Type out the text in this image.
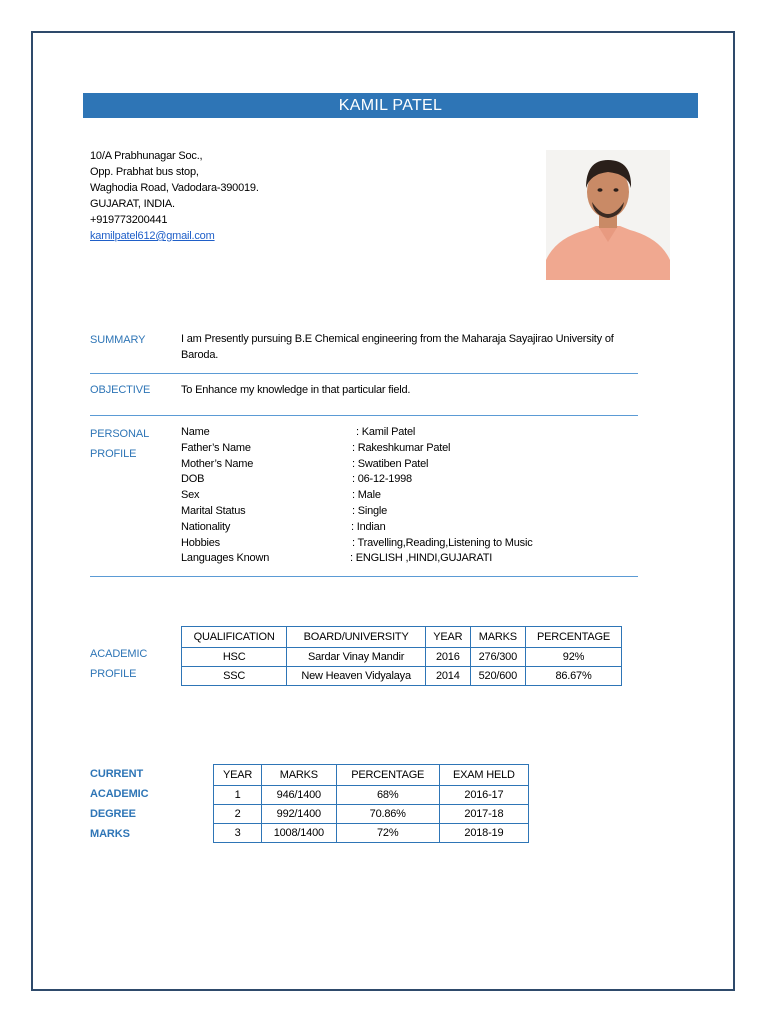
KAMIL PATEL
10/A Prabhunagar Soc.,
Opp. Prabhat bus stop,
Waghodia Road, Vadodara-390019.
GUJARAT, INDIA.
+919773200441
kamilpatel612@gmail.com
SUMMARY	I am Presently pursuing B.E Chemical engineering from the Maharaja Sayajirao University of Baroda.
OBJECTIVE	To Enhance my knowledge in that particular field.
PERSONAL
PROFILE
Name	: Kamil Patel
Father’s Name	: Rakeshkumar Patel
Mother’s Name	: Swatiben Patel
DOB	: 06-12-1998
Sex	: Male
Marital Status	: Single
Nationality	: Indian
Hobbies	: Travelling,Reading,Listening to Music
Languages Known	: ENGLISH ,HINDI,GUJARATI
ACADEMIC
PROFILE
QUALIFICATION	BOARD/UNIVERSITY	YEAR	MARKS	PERCENTAGE
HSC	Sardar Vinay Mandir	2016	276/300	92%
SSC	New Heaven Vidyalaya	2014	520/600	86.67%
CURRENT
ACADEMIC
DEGREE
MARKS
YEAR	MARKS	PERCENTAGE	EXAM HELD
1	946/1400	68%	2016-17
2	992/1400	70.86%	2017-18
3	1008/1400	72%	2018-19
